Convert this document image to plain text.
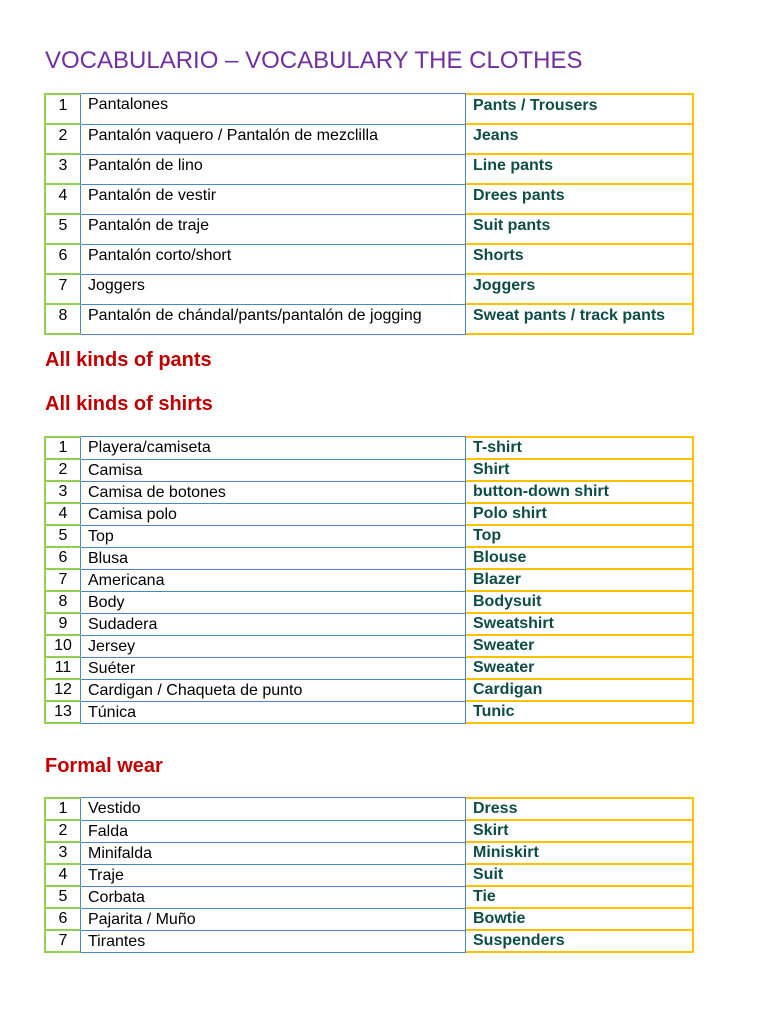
VOCABULARIO – VOCABULARY THE CLOTHES
1	Pantalones	Pants / Trousers
2	Pantalón vaquero / Pantalón de mezclilla	Jeans
3	Pantalón de lino	Line pants
4	Pantalón de vestir	Drees pants
5	Pantalón de traje	Suit pants
6	Pantalón corto/short	Shorts
7	Joggers	Joggers
8	Pantalón de chándal/pants/pantalón de jogging	Sweat pants / track pants
All kinds of pants
All kinds of shirts
1	Playera/camiseta	T-shirt
2	Camisa	Shirt
3	Camisa de botones	button-down shirt
4	Camisa polo	Polo shirt
5	Top	Top
6	Blusa	Blouse
7	Americana	Blazer
8	Body	Bodysuit
9	Sudadera	Sweatshirt
10	Jersey	Sweater
11	Suéter	Sweater
12	Cardigan / Chaqueta de punto	Cardigan
13	Túnica	Tunic
Formal wear
1	Vestido	Dress
2	Falda	Skirt
3	Minifalda	Miniskirt
4	Traje	Suit
5	Corbata	Tie
6	Pajarita / Muño	Bowtie
7	Tirantes	Suspenders
